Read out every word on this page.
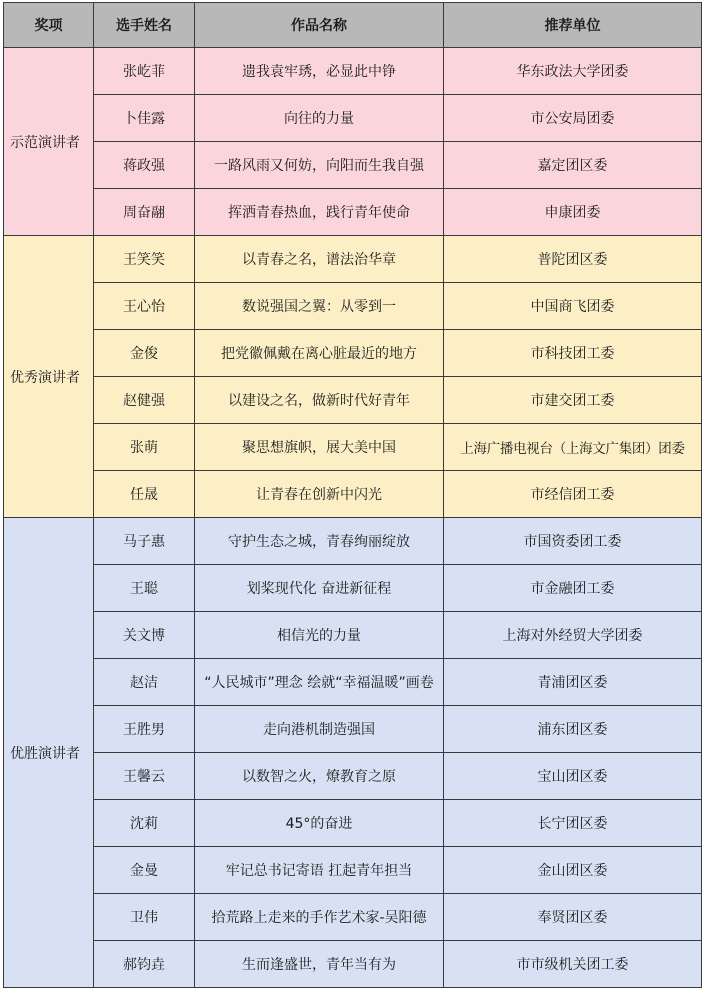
奖项	选手姓名	作品名称	推荐单位
示范演讲者	张屹菲	遗我袁牢琇，必显此中铮	华东政法大学团委
	卜佳露	向往的力量	市公安局团委
	蒋政强	一路风雨又何妨，向阳而生我自强	嘉定团区委
	周奋翮	挥洒青春热血，践行青年使命	申康团委
优秀演讲者	王笑笑	以青春之名，谱法治华章	普陀团区委
	王心怡	数说强国之翼：从零到一	中国商飞团委
	金俊	把党徽佩戴在离心脏最近的地方	市科技团工委
	赵健强	以建设之名，做新时代好青年	市建交团工委
	张萌	聚思想旗帜，展大美中国	上海广播电视台（上海文广集团）团委
	任晟	让青春在创新中闪光	市经信团工委
优胜演讲者	马子惠	守护生态之城，青春绚丽绽放	市国资委团工委
	王聪	划桨现代化 奋进新征程	市金融团工委
	关文博	相信光的力量	上海对外经贸大学团委
	赵洁	“人民城市”理念 绘就“幸福温暖”画卷	青浦团区委
	王胜男	走向港机制造强国	浦东团区委
	王馨云	以数智之火，燎教育之原	宝山团区委
	沈莉	45°的奋进	长宁团区委
	金曼	牢记总书记寄语 扛起青年担当	金山团区委
	卫伟	拾荒路上走来的手作艺术家-吴阳德	奉贤团区委
	郝钧垚	生而逢盛世，青年当有为	市市级机关团工委
